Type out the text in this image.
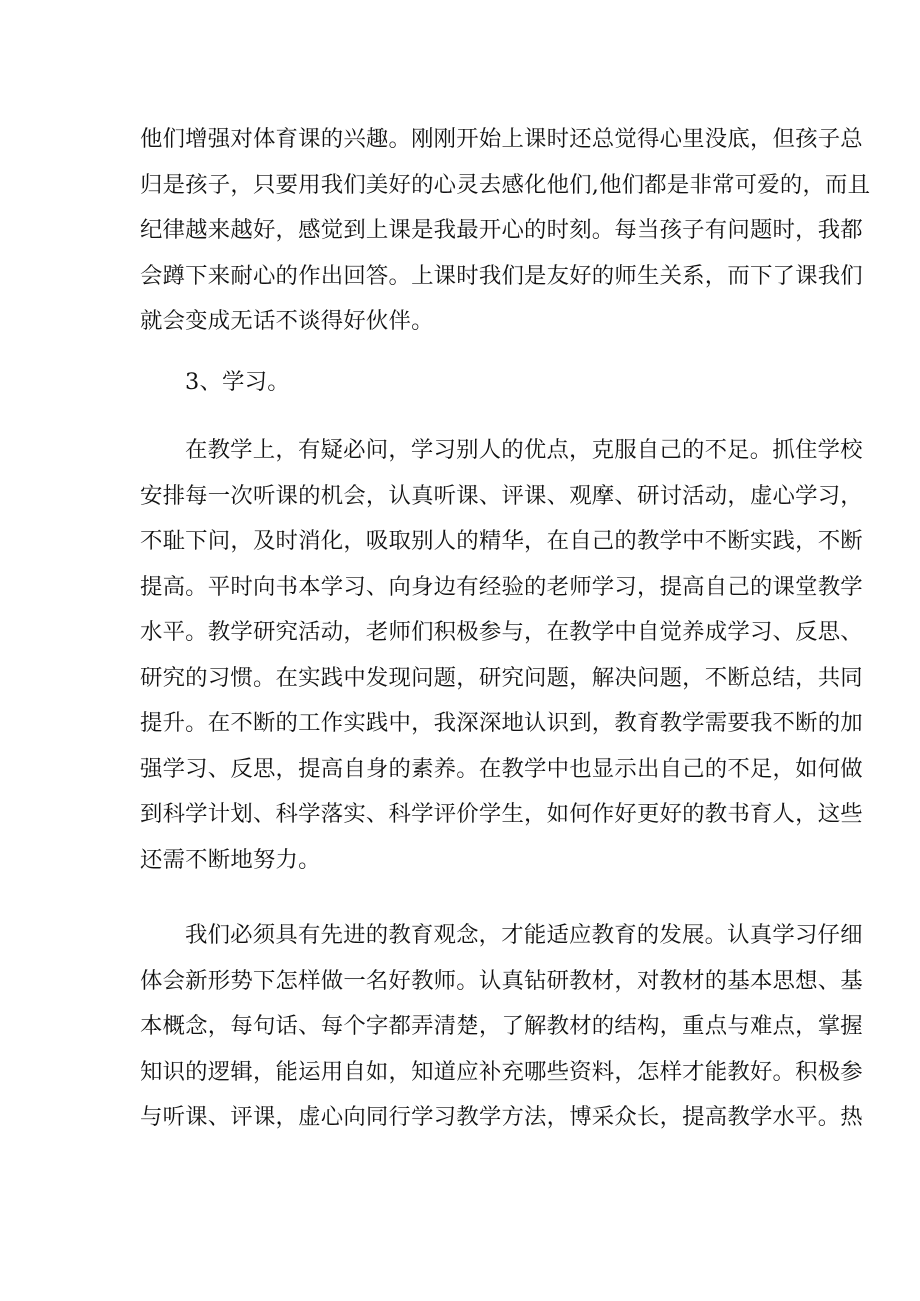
他们增强对体育课的兴趣。刚刚开始上课时还总觉得心里没底，但孩子总
归是孩子，只要用我们美好的心灵去感化他们,他们都是非常可爱的，而且
纪律越来越好，感觉到上课是我最开心的时刻。每当孩子有问题时，我都
会蹲下来耐心的作出回答。上课时我们是友好的师生关系，而下了课我们
就会变成无话不谈得好伙伴。
3、学习。
在教学上，有疑必问，学习别人的优点，克服自己的不足。抓住学校
安排每一次听课的机会，认真听课、评课、观摩、研讨活动，虚心学习，
不耻下问，及时消化，吸取别人的精华，在自己的教学中不断实践，不断
提高。平时向书本学习、向身边有经验的老师学习，提高自己的课堂教学
水平。教学研究活动，老师们积极参与，在教学中自觉养成学习、反思、
研究的习惯。在实践中发现问题，研究问题，解决问题，不断总结，共同
提升。在不断的工作实践中，我深深地认识到，教育教学需要我不断的加
强学习、反思，提高自身的素养。在教学中也显示出自己的不足，如何做
到科学计划、科学落实、科学评价学生，如何作好更好的教书育人，这些
还需不断地努力。
我们必须具有先进的教育观念，才能适应教育的发展。认真学习仔细
体会新形势下怎样做一名好教师。认真钻研教材，对教材的基本思想、基
本概念，每句话、每个字都弄清楚，了解教材的结构，重点与难点，掌握
知识的逻辑，能运用自如，知道应补充哪些资料，怎样才能教好。积极参
与听课、评课，虚心向同行学习教学方法，博采众长，提高教学水平。热
